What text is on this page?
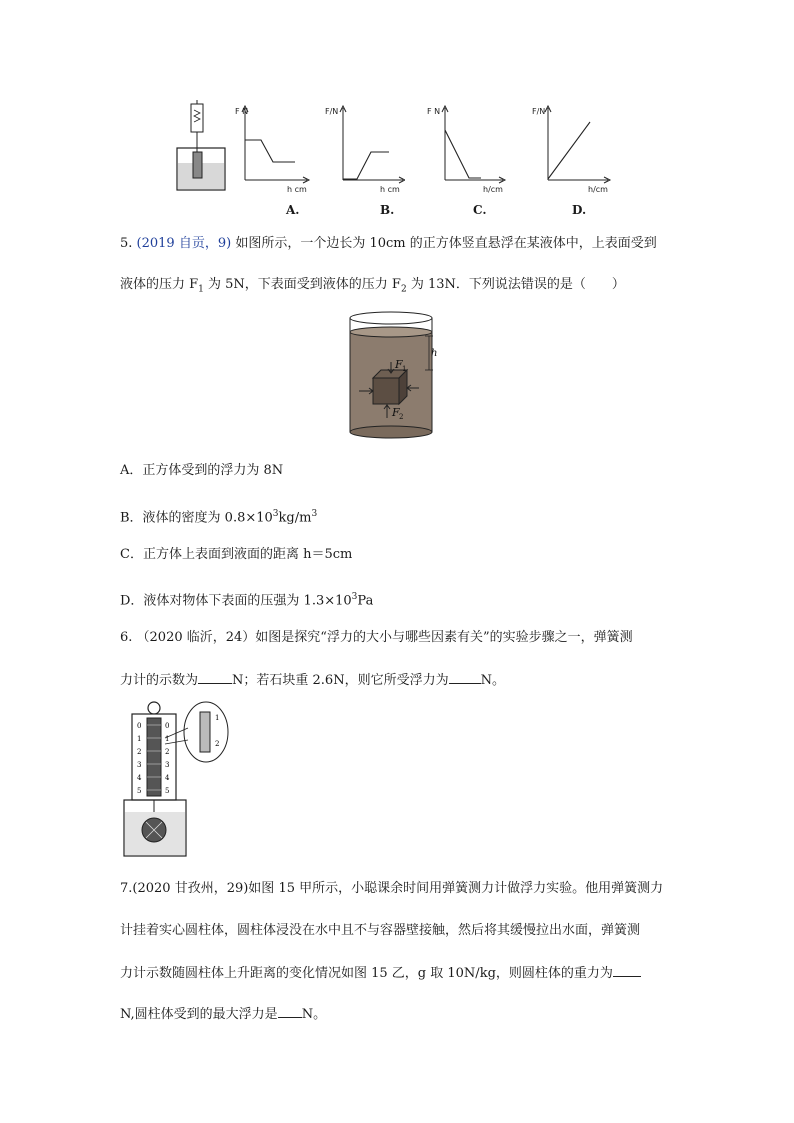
F N
h cm
F/N
h cm
F N
h/cm
F/N
h/cm
A.	B.	C.	D.
5. (2019 自贡，9) 如图所示，一个边长为 10cm 的正方体竖直悬浮在某液体中，上表面受到
液体的压力 $F_1$ 为 5N，下表面受到液体的压力 $F_2$ 为 13N．下列说法错误的是（　　）
h
F 1
F 2
A．正方体受到的浮力为 8N
B．液体的密度为 $0.8\times 10^3kg/m^3$
C．正方体上表面到液面的距离 h＝5cm
D．液体对物体下表面的压强为 $1.3\times 10^3Pa$
6. （2020 临沂，24）如图是探究“浮力的大小与哪些因素有关”的实验步骤之一，弹簧测
力计的示数为	N；若石块重 2.6N，则它所受浮力为 N。
0	0
1	1
2	2
3	3
4	4
5	5
1
2
7.(2020 甘孜州，29)如图 15 甲所示，小聪课余时间用弹簧测力计做浮力实验。他用弹簧测力
计挂着实心圆柱体，圆柱体浸没在水中且不与容器壁接触，然后将其缓慢拉出水面，弹簧测
力计示数随圆柱体上升距离的变化情况如图 15 乙，g 取 10N/kg，则圆柱体的重力为
N,圆柱体受到的最大浮力是 N。
